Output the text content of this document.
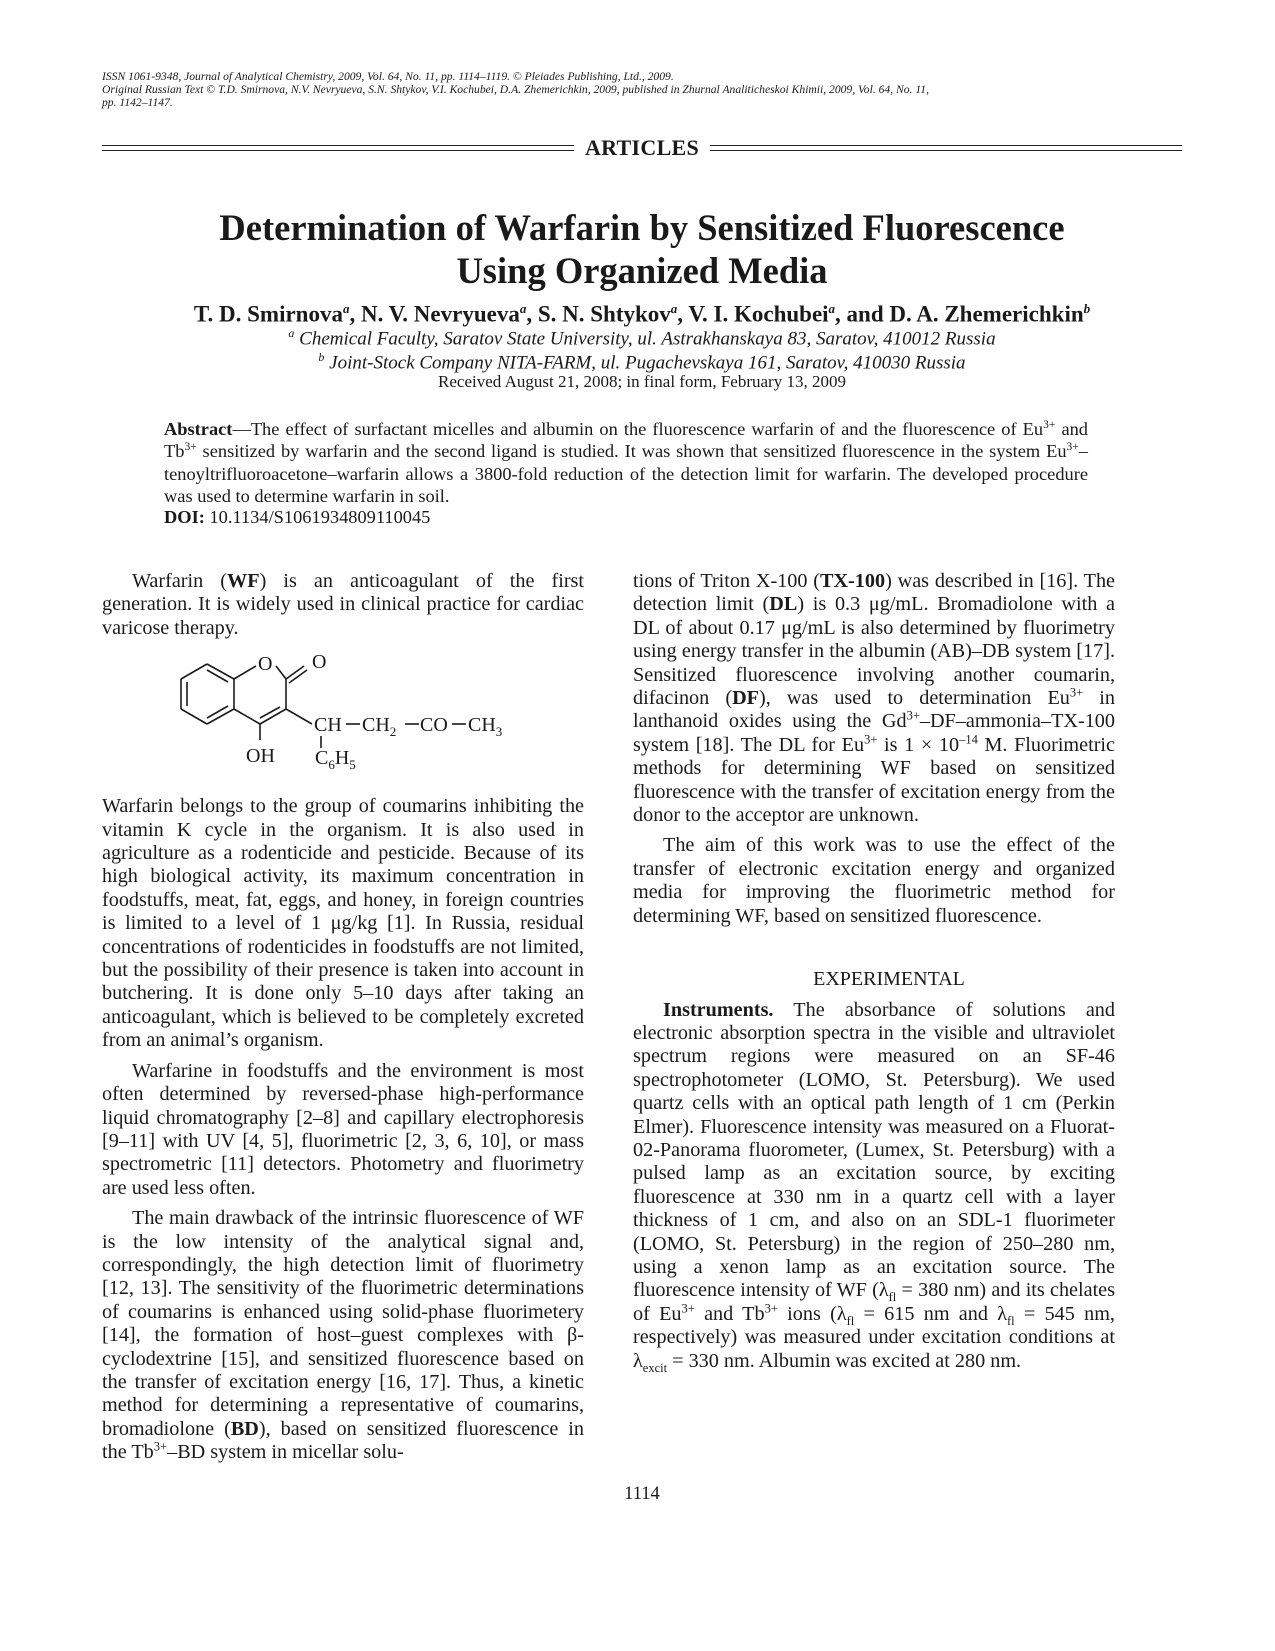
ISSN 1061-9348, Journal of Analytical Chemistry, 2009, Vol. 64, No. 11, pp. 1114–1119. © Pleiades Publishing, Ltd., 2009.
Original Russian Text © T.D. Smirnova, N.V. Nevryueva, S.N. Shtykov, V.I. Kochubei, D.A. Zhemerichkin, 2009, published in Zhurnal Analiticheskoi Khimii, 2009, Vol. 64, No. 11,
pp. 1142–1147.
ARTICLES
Determination of Warfarin by Sensitized Fluorescence
Using Organized Media
T. D. Smirnova$^a$, N. V. Nevryueva$^a$, S. N. Shtykov$^a$, V. I. Kochubei$^a$, and D. A. Zhemerichkin$^b$
$^a$ Chemical Faculty, Saratov State University, ul. Astrakhanskaya 83, Saratov, 410012 Russia
$^b$ Joint-Stock Company NITA-FARM, ul. Pugachevskaya 161, Saratov, 410030 Russia
Received August 21, 2008; in final form, February 13, 2009
Abstract—The effect of surfactant micelles and albumin on the fluorescence warfarin of and the fluorescence of $Eu^{3+}$ and $Tb^{3+}$ sensitized by warfarin and the second ligand is studied. It was shown that sensitized fluorescence in the system $Eu^{3+}-tenoyltrifluoroacetone$–warfarin allows a 3800-fold reduction of the detection limit for warfarin. The developed procedure was used to determine warfarin in soil.
DOI: 10.1134/S1061934809110045

Warfarin (WF) is an anticoagulant of the first generation. It is widely used in clinical practice for cardiac varicose therapy.

Warfarin belongs to the group of coumarins inhibiting the vitamin K cycle in the organism. It is also used in agriculture as a rodenticide and pesticide. Because of its high biological activity, its maximum concentration in foodstuffs, meat, fat, eggs, and honey, in foreign countries is limited to a level of 1 μg/kg [1]. In Russia, residual concentrations of rodenticides in foodstuffs are not limited, but the possibility of their presence is taken into account in butchering. It is done only 5–10 days after taking an anticoagulant, which is believed to be completely excreted from an animal’s organism.

Warfarine in foodstuffs and the environment is most often determined by reversed-phase high-performance liquid chromatography [2–8] and capillary electrophoresis [9–11] with UV [4, 5], fluorimetric [2, 3, 6, 10], or mass spectrometric [11] detectors. Photometry and fluorimetry are used less often.

The main drawback of the intrinsic fluorescence of WF is the low intensity of the analytical signal and, correspondingly, the high detection limit of fluorimetry [12, 13]. The sensitivity of the fluorimetric determinations of coumarins is enhanced using solid-phase fluorimetery [14], the formation of host–guest complexes with β-cyclodextrine [15], and sensitized fluorescence based on the transfer of excitation energy [16, 17]. Thus, a kinetic method for determining a representative of coumarins, bromadiolone (BD), based on sensitized fluorescence in the $Tb^{3+}-BD$ system in micellar solu-

O O
OH
CH $CH_2$ CO $CH_3$
$C_6H_5$

tions of Triton X-100 (TX-100) was described in [16]. The detection limit (DL) is 0.3 μg/mL. Bromadiolone with a DL of about 0.17 μg/mL is also determined by fluorimetry using energy transfer in the albumin (AB)–DB system [17]. Sensitized fluorescence involving another coumarin, difacinon (DF), was used to determination $Eu^{3+}$ in lanthanoid oxides using the $Gd^{3+}-DF-ammonia-TX-100$ system [18]. The DL for $Eu^{3+}$ is $1 \times 10^{-14}$ M. Fluorimetric methods for determining WF based on sensitized fluorescence with the transfer of excitation energy from the donor to the acceptor are unknown.

The aim of this work was to use the effect of the transfer of electronic excitation energy and organized media for improving the fluorimetric method for determining WF, based on sensitized fluorescence.

EXPERIMENTAL

Instruments. The absorbance of solutions and electronic absorption spectra in the visible and ultraviolet spectrum regions were measured on an SF-46 spectrophotometer (LOMO, St. Petersburg). We used quartz cells with an optical path length of 1 cm (Perkin Elmer). Fluorescence intensity was measured on a Fluorat-02-Panorama fluorometer, (Lumex, St. Petersburg) with a pulsed lamp as an excitation source, by exciting fluorescence at 330 nm in a quartz cell with a layer thickness of 1 cm, and also on an SDL-1 fluorimeter (LOMO, St. Petersburg) in the region of 250–280 nm, using a xenon lamp as an excitation source. The fluorescence intensity of WF ($\lambda_{fl} = 380$ nm) and its chelates of $Eu^{3+}$ and $Tb^{3+}$ ions ($\lambda_{fl} = 615$ nm and $\lambda_{fl} = 545$ nm, respectively) was measured under excitation conditions at $\lambda_{excit} = 330$ nm. Albumin was excited at 280 nm.

1114
